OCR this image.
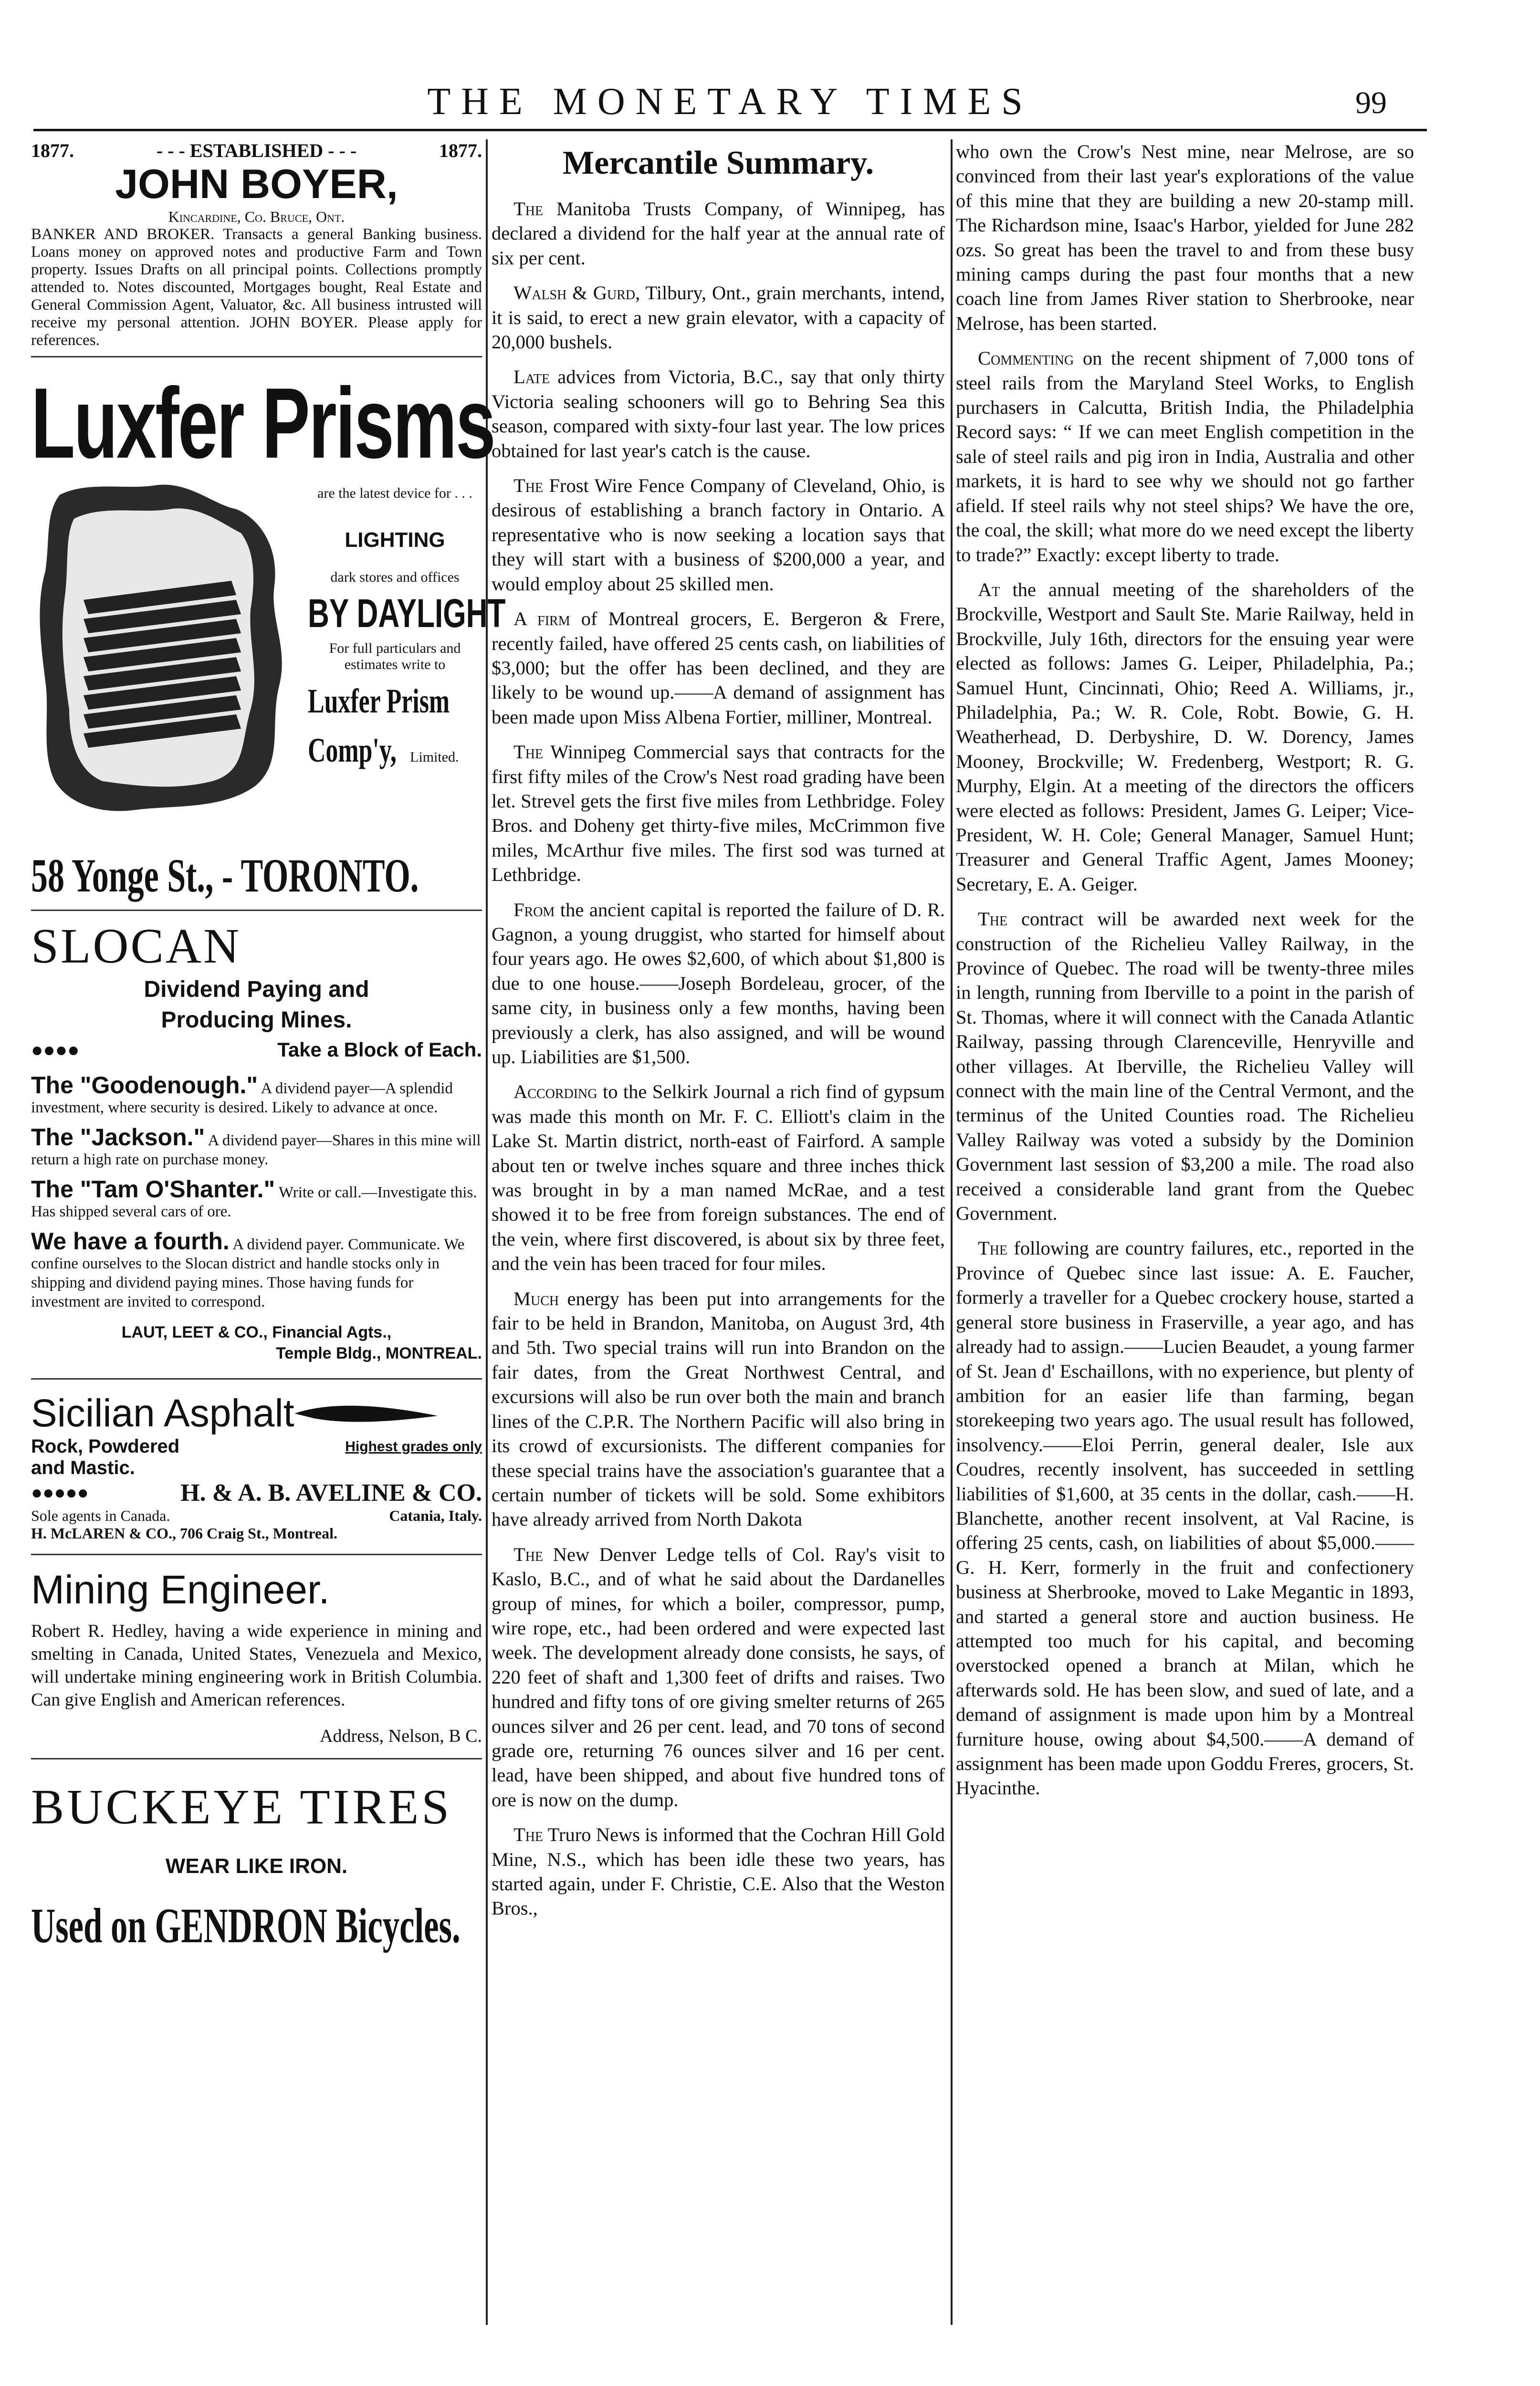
THE MONETARY TIMES	99
1877.	- - - ESTABLISHED - - -	1877.
JOHN BOYER,
Kincardine, Co. Bruce, Ont.
BANKER AND BROKER. Transacts a general Banking business. Loans money on approved notes and productive Farm and Town property. Issues Drafts on all principal points. Collections promptly attended to. Notes discounted, Mortgages bought, Real Estate and General Commission Agent, Valuator, &c. All business intrusted will receive my personal attention. JOHN BOYER. Please apply for references.
Luxfer Prisms
are the latest device for . . .
LIGHTING
dark stores and offices
BY DAYLIGHT
For full particulars and estimates write to
Luxfer Prism
Comp'y, Limited.
58 Yonge St., - TORONTO.
SLOCAN
Dividend Paying and
Producing Mines.
●●●●	Take a Block of Each.
The "Goodenough." A dividend payer—A splendid investment, where security is desired. Likely to advance at once.
The "Jackson." A dividend payer—Shares in this mine will return a high rate on purchase money.
The "Tam O'Shanter." Write or call.—Investigate this. Has shipped several cars of ore.
We have a fourth. A dividend payer. Communicate. We confine ourselves to the Slocan district and handle stocks only in shipping and dividend paying mines. Those having funds for investment are invited to correspond.
LAUT, LEET & CO., Financial Agts.,
Temple Bldg., MONTREAL.
Sicilian Asphalt
Rock, Powdered	Highest grades only
and Mastic.
●●●●●	H. & A. B. AVELINE & CO.
Sole agents in Canada.	Catania, Italy.
H. McLAREN & CO., 706 Craig St., Montreal.
Mining Engineer.
Robert R. Hedley, having a wide experience in mining and smelting in Canada, United States, Venezuela and Mexico, will undertake mining engineering work in British Columbia. Can give English and American references.
Address, Nelson, B C.
BUCKEYE TIRES
WEAR LIKE IRON.
Used on GENDRON Bicycles.
Mercantile Summary.

The Manitoba Trusts Company, of Winnipeg, has declared a dividend for the half year at the annual rate of six per cent.

Walsh & Gurd, Tilbury, Ont., grain merchants, intend, it is said, to erect a new grain elevator, with a capacity of 20,000 bushels.

Late advices from Victoria, B.C., say that only thirty Victoria sealing schooners will go to Behring Sea this season, compared with sixty-four last year. The low prices obtained for last year's catch is the cause.

The Frost Wire Fence Company of Cleveland, Ohio, is desirous of establishing a branch factory in Ontario. A representative who is now seeking a location says that they will start with a business of $200,000 a year, and would employ about 25 skilled men.

A firm of Montreal grocers, E. Bergeron & Frere, recently failed, have offered 25 cents cash, on liabilities of $3,000; but the offer has been declined, and they are likely to be wound up.——A demand of assignment has been made upon Miss Albena Fortier, milliner, Montreal.

The Winnipeg Commercial says that contracts for the first fifty miles of the Crow's Nest road grading have been let. Strevel gets the first five miles from Lethbridge. Foley Bros. and Doheny get thirty-five miles, McCrimmon five miles, McArthur five miles. The first sod was turned at Lethbridge.

From the ancient capital is reported the failure of D. R. Gagnon, a young druggist, who started for himself about four years ago. He owes $2,600, of which about $1,800 is due to one house.——Joseph Bordeleau, grocer, of the same city, in business only a few months, having been previously a clerk, has also assigned, and will be wound up. Liabilities are $1,500.

According to the Selkirk Journal a rich find of gypsum was made this month on Mr. F. C. Elliott's claim in the Lake St. Martin district, north-east of Fairford. A sample about ten or twelve inches square and three inches thick was brought in by a man named McRae, and a test showed it to be free from foreign substances. The end of the vein, where first discovered, is about six by three feet, and the vein has been traced for four miles.

Much energy has been put into arrangements for the fair to be held in Brandon, Manitoba, on August 3rd, 4th and 5th. Two special trains will run into Brandon on the fair dates, from the Great Northwest Central, and excursions will also be run over both the main and branch lines of the C.P.R. The Northern Pacific will also bring in its crowd of excursionists. The different companies for these special trains have the association's guarantee that a certain number of tickets will be sold. Some exhibitors have already arrived from North Dakota

The New Denver Ledge tells of Col. Ray's visit to Kaslo, B.C., and of what he said about the Dardanelles group of mines, for which a boiler, compressor, pump, wire rope, etc., had been ordered and were expected last week. The development already done consists, he says, of 220 feet of shaft and 1,300 feet of drifts and raises. Two hundred and fifty tons of ore giving smelter returns of 265 ounces silver and 26 per cent. lead, and 70 tons of second grade ore, returning 76 ounces silver and 16 per cent. lead, have been shipped, and about five hundred tons of ore is now on the dump.

The Truro News is informed that the Cochran Hill Gold Mine, N.S., which has been idle these two years, has started again, under F. Christie, C.E. Also that the Weston Bros.,

who own the Crow's Nest mine, near Melrose, are so convinced from their last year's explorations of the value of this mine that they are building a new 20-stamp mill. The Richardson mine, Isaac's Harbor, yielded for June 282 ozs. So great has been the travel to and from these busy mining camps during the past four months that a new coach line from James River station to Sherbrooke, near Melrose, has been started.

Commenting on the recent shipment of 7,000 tons of steel rails from the Maryland Steel Works, to English purchasers in Calcutta, British India, the Philadelphia Record says: “ If we can meet English competition in the sale of steel rails and pig iron in India, Australia and other markets, it is hard to see why we should not go farther afield. If steel rails why not steel ships? We have the ore, the coal, the skill; what more do we need except the liberty to trade?” Exactly: except liberty to trade.

At the annual meeting of the shareholders of the Brockville, Westport and Sault Ste. Marie Railway, held in Brockville, July 16th, directors for the ensuing year were elected as follows: James G. Leiper, Philadelphia, Pa.; Samuel Hunt, Cincinnati, Ohio; Reed A. Williams, jr., Philadelphia, Pa.; W. R. Cole, Robt. Bowie, G. H. Weatherhead, D. Derbyshire, D. W. Dorency, James Mooney, Brockville; W. Fredenberg, Westport; R. G. Murphy, Elgin. At a meeting of the directors the officers were elected as follows: President, James G. Leiper; Vice-President, W. H. Cole; General Manager, Samuel Hunt; Treasurer and General Traffic Agent, James Mooney; Secretary, E. A. Geiger.

The contract will be awarded next week for the construction of the Richelieu Valley Railway, in the Province of Quebec. The road will be twenty-three miles in length, running from Iberville to a point in the parish of St. Thomas, where it will connect with the Canada Atlantic Railway, passing through Clarenceville, Henryville and other villages. At Iberville, the Richelieu Valley will connect with the main line of the Central Vermont, and the terminus of the United Counties road. The Richelieu Valley Railway was voted a subsidy by the Dominion Government last session of $3,200 a mile. The road also received a considerable land grant from the Quebec Government.

The following are country failures, etc., reported in the Province of Quebec since last issue: A. E. Faucher, formerly a traveller for a Quebec crockery house, started a general store business in Fraserville, a year ago, and has already had to assign.——Lucien Beaudet, a young farmer of St. Jean d' Eschaillons, with no experience, but plenty of ambition for an easier life than farming, began storekeeping two years ago. The usual result has followed, insolvency.——Eloi Perrin, general dealer, Isle aux Coudres, recently insolvent, has succeeded in settling liabilities of $1,600, at 35 cents in the dollar, cash.——H. Blanchette, another recent insolvent, at Val Racine, is offering 25 cents, cash, on liabilities of about $5,000.——G. H. Kerr, formerly in the fruit and confectionery business at Sherbrooke, moved to Lake Megantic in 1893, and started a general store and auction business. He attempted too much for his capital, and becoming overstocked opened a branch at Milan, which he afterwards sold. He has been slow, and sued of late, and a demand of assignment is made upon him by a Montreal furniture house, owing about $4,500.——A demand of assignment has been made upon Goddu Freres, grocers, St. Hyacinthe.
